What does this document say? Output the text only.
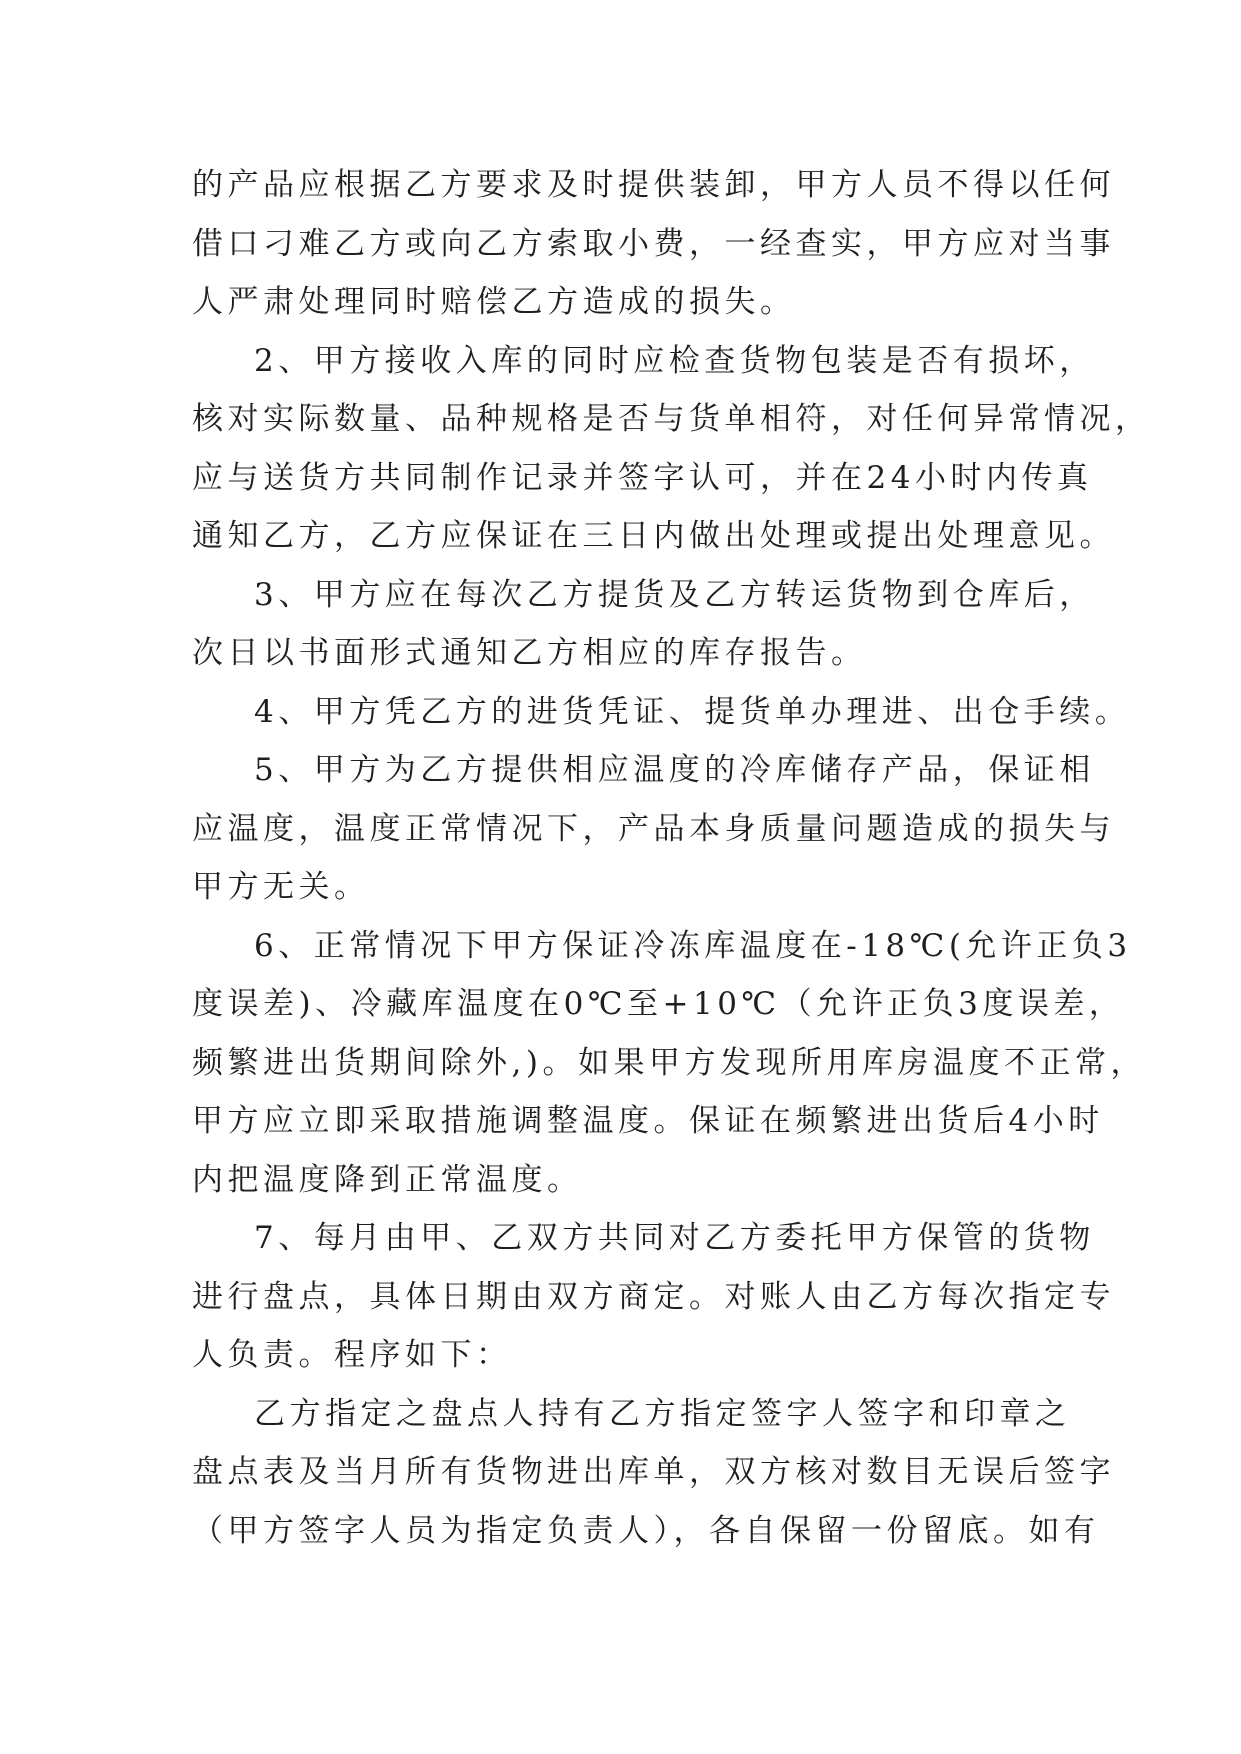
的产品应根据乙方要求及时提供装卸，甲方人员不得以任何
借口刁难乙方或向乙方索取小费，一经查实，甲方应对当事
人严肃处理同时赔偿乙方造成的损失。
2、甲方接收入库的同时应检查货物包装是否有损坏，
核对实际数量、品种规格是否与货单相符，对任何异常情况，
应与送货方共同制作记录并签字认可，并在24小时内传真
通知乙方，乙方应保证在三日内做出处理或提出处理意见。
3、甲方应在每次乙方提货及乙方转运货物到仓库后，
次日以书面形式通知乙方相应的库存报告。
4、甲方凭乙方的进货凭证、提货单办理进、出仓手续。
5、甲方为乙方提供相应温度的冷库储存产品，保证相
应温度，温度正常情况下，产品本身质量问题造成的损失与
甲方无关。
6、正常情况下甲方保证冷冻库温度在-18℃(允许正负3
度误差)、冷藏库温度在0℃至+10℃（允许正负3度误差，
频繁进出货期间除外,)。如果甲方发现所用库房温度不正常，
甲方应立即采取措施调整温度。保证在频繁进出货后4小时
内把温度降到正常温度。
7、每月由甲、乙双方共同对乙方委托甲方保管的货物
进行盘点，具体日期由双方商定。对账人由乙方每次指定专
人负责。程序如下：
乙方指定之盘点人持有乙方指定签字人签字和印章之
盘点表及当月所有货物进出库单，双方核对数目无误后签字
（甲方签字人员为指定负责人），各自保留一份留底。如有
